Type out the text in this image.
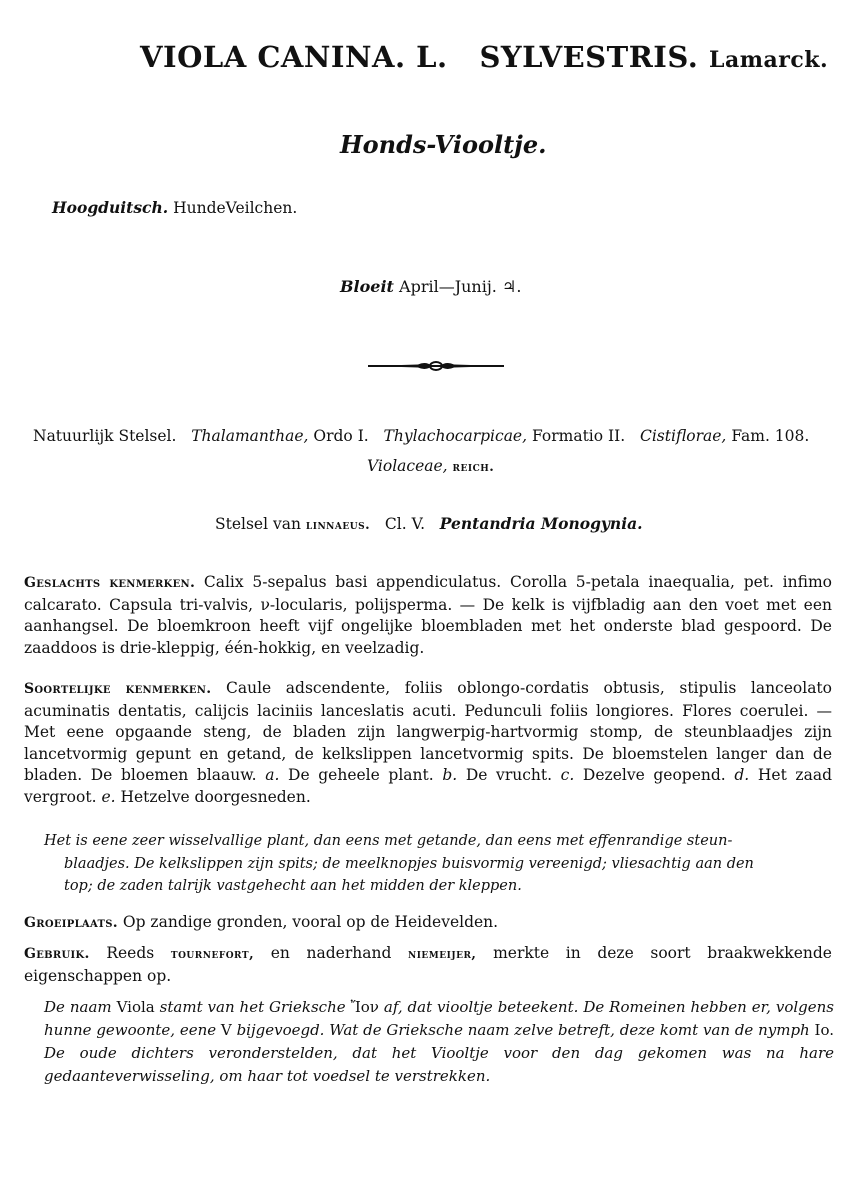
VIOLA CANINA. L. SYLVESTRIS. Lamarck.
Honds-Viooltje.
Hoogduitsch. HundeVeilchen.
Bloeit April—Junij. ♃.
Natuurlijk Stelsel. Thalamanthae, Ordo I. Thylachocarpicae, Formatio II. Cistiflorae, Fam. 108.
Violaceae, reich.
Stelsel van linnaeus. Cl. V. Pentandria Monogynia.
Geslachts kenmerken. Calix 5-sepalus basi appendiculatus. Corolla 5-petala inaequalia, pet. infimo calcarato. Capsula tri-valvis, ν-locularis, polijsperma. — De kelk is vijfbladig aan den voet met een aanhangsel. De bloemkroon heeft vijf ongelijke bloembladen met het onderste blad gespoord. De zaaddoos is drie-kleppig, één-hokkig, en veelzadig.
Soortelijke kenmerken. Caule adscendente, foliis oblongo-cordatis obtusis, stipulis lanceolato acuminatis dentatis, calijcis laciniis lanceslatis acuti. Pedunculi foliis longiores. Flores coerulei. — Met eene opgaande steng, de bladen zijn langwerpig-hartvormig stomp, de steunblaadjes zijn lancetvormig gepunt en getand, de kelkslippen lancetvormig spits. De bloemstelen langer dan de bladen. De bloemen blaauw. a. De geheele plant. b. De vrucht. c. Dezelve geopend. d. Het zaad vergroot. e. Hetzelve doorgesneden.
Het is eene zeer wisselvallige plant, dan eens met getande, dan eens met effenrandige steun-
blaadjes. De kelkslippen zijn spits; de meelknopjes buisvormig vereenigd; vliesachtig aan den
top; de zaden talrijk vastgehecht aan het midden der kleppen.
Groeiplaats. Op zandige gronden, vooral op de Heidevelden.
Gebruik. Reeds tournefort, en naderhand niemeijer, merkte in deze soort braakwekkende eigenschappen op.
De naam Viola stamt van het Grieksche Ἴον af, dat viooltje beteekent. De Romeinen hebben er, volgens hunne gewoonte, eene V bijgevoegd. Wat de Grieksche naam zelve betreft, deze komt van de nymph Io. De oude dichters veronderstelden, dat het Viooltje voor den dag gekomen was na hare gedaanteverwisseling, om haar tot voedsel te verstrekken.
